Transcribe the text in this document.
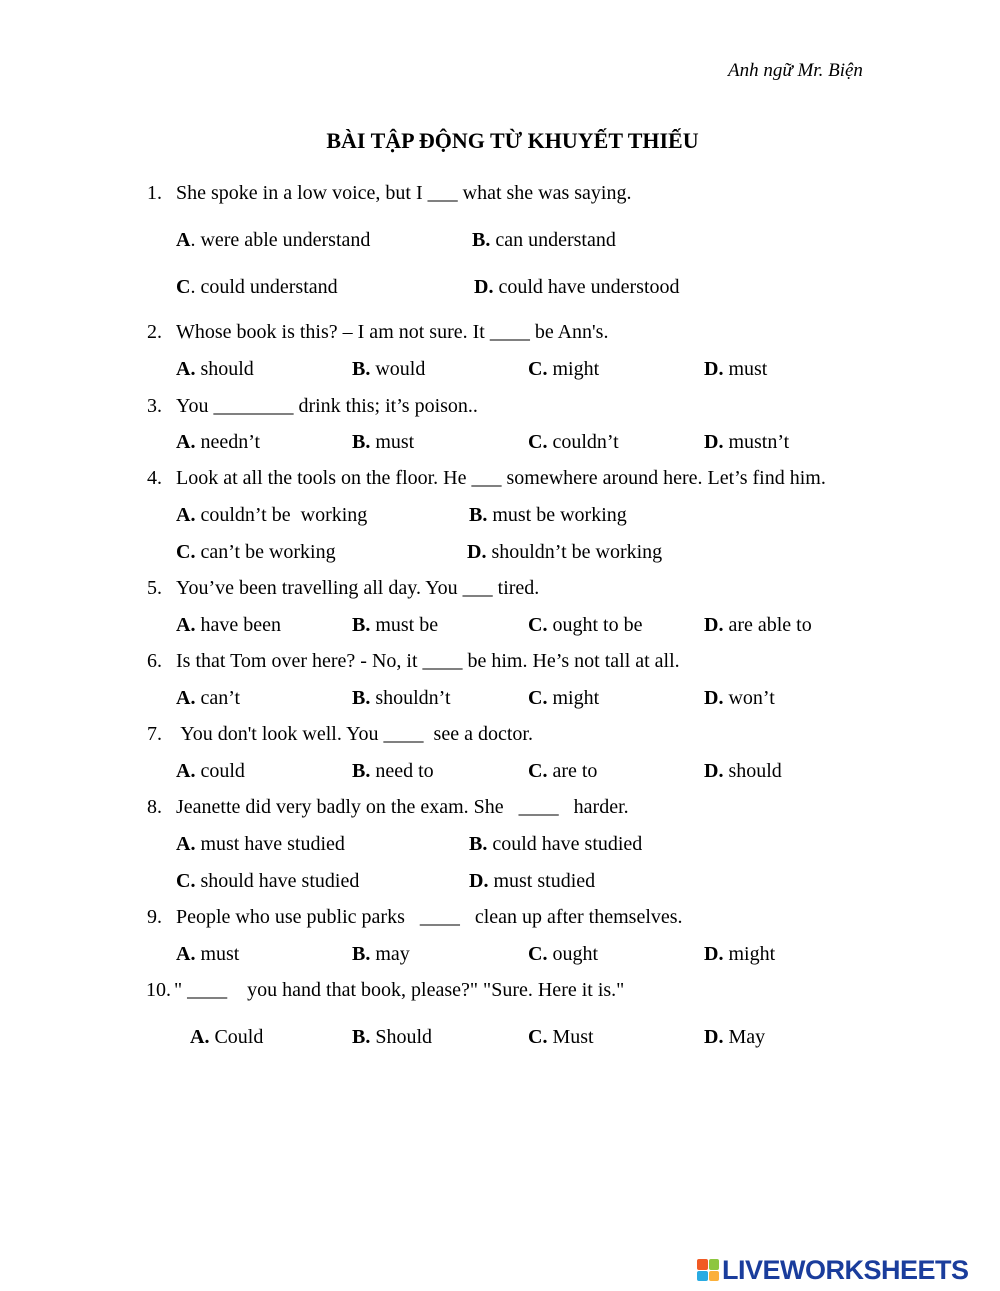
Anh ngữ Mr. Biện
BÀI TẬP ĐỘNG TỪ KHUYẾT THIẾU
1. She spoke in a low voice, but I ___ what she was saying.
A. were able understand	B. can understand
C. could understand	D. could have understood
2. Whose book is this? – I am not sure. It ____ be Ann's.
A. should	B. would	C. might	D. must
3. You ________ drink this; it’s poison..
A. needn’t	B. must	C. couldn’t	D. mustn’t
4. Look at all the tools on the floor. He ___ somewhere around here. Let’s find him.
A. couldn’t be  working	B. must be working
C. can’t be working	D. shouldn’t be working
5. You’ve been travelling all day. You ___ tired.
A. have been	B. must be	C. ought to be	D. are able to
6. Is that Tom over here? - No, it ____ be him. He’s not tall at all.
A. can’t	B. shouldn’t	C. might	D. won’t
7. You don't look well. You ____  see a doctor.
A. could	B. need to	C. are to	D. should
8. Jeanette did very badly on the exam. She   ____   harder.
A. must have studied	B. could have studied
C. should have studied	D. must studied
9. People who use public parks   ____   clean up after themselves.
A. must	B. may	C. ought	D. might
10. " ____    you hand that book, please?" "Sure. Here it is."
A. Could	B. Should	C. Must	D. May
LIVEWORKSHEETS
